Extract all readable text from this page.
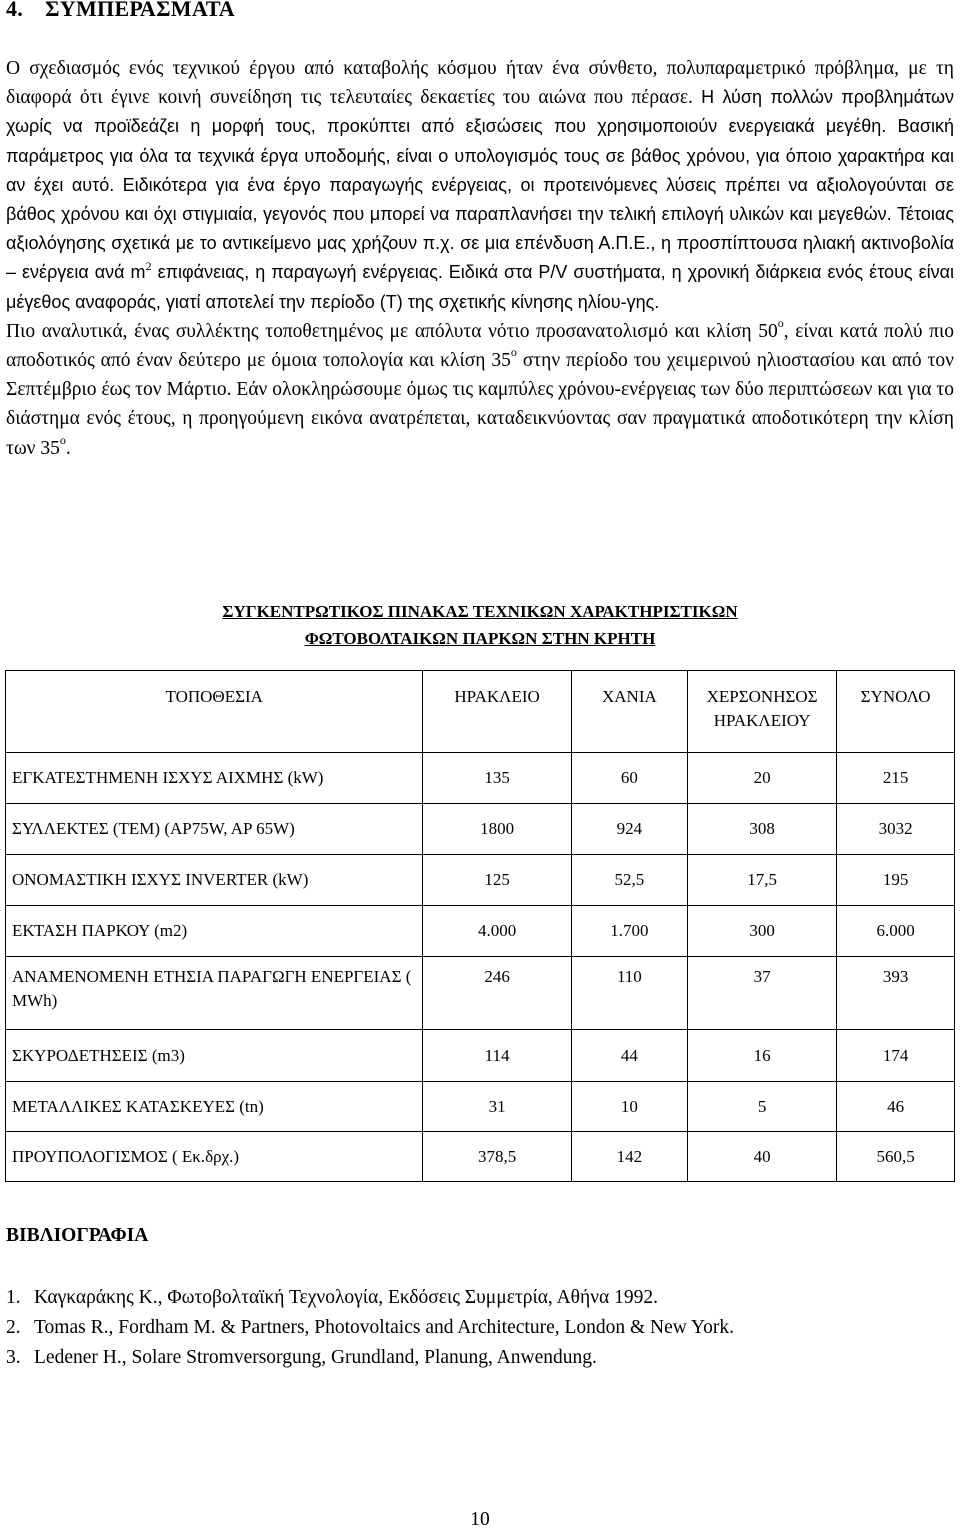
4. ΣΥΜΠΕΡΑΣΜΑΤΑ

Ο σχεδιασμός ενός τεχνικού έργου από καταβολής κόσμου ήταν ένα σύνθετο, πολυπαραμετρικό πρόβλημα, με τη διαφορά ότι έγινε κοινή συνείδηση τις τελευταίες δεκαετίες του αιώνα που πέρασε. Η λύση πολλών προβλημάτων χωρίς να προϊδεάζει η μορφή τους, προκύπτει από εξισώσεις που χρησιμοποιούν ενεργειακά μεγέθη. Βασική παράμετρος για όλα τα τεχνικά έργα υποδομής, είναι ο υπολογισμός τους σε βάθος χρόνου, για όποιο χαρακτήρα και αν έχει αυτό. Ειδικότερα για ένα έργο παραγωγής ενέργειας, οι προτεινόμενες λύσεις πρέπει να αξιολογούνται σε βάθος χρόνου και όχι στιγμιαία, γεγονός που μπορεί να παραπλανήσει την τελική επιλογή υλικών και μεγεθών. Τέτοιας αξιολόγησης σχετικά με το αντικείμενο μας χρήζουν π.χ. σε μια επένδυση Α.Π.Ε., η προσπίπτουσα ηλιακή ακτινοβολία – ενέργεια ανά $m^2$ επιφάνειας, η παραγωγή ενέργειας. Ειδικά στα Ρ/V συστήματα, η χρονική διάρκεια ενός έτους είναι μέγεθος αναφοράς, γιατί αποτελεί την περίοδο (Τ) της σχετικής κίνησης ηλίου-γης.

Πιο αναλυτικά, ένας συλλέκτης τοποθετημένος με απόλυτα νότιο προσανατολισμό και κλίση $50^o$, είναι κατά πολύ πιο αποδοτικός από έναν δεύτερο με όμοια τοπολογία και κλίση $35^o$ στην περίοδο του χειμερινού ηλιοστασίου και από τον Σεπτέμβριο έως τον Μάρτιο. Εάν ολοκληρώσουμε όμως τις καμπύλες χρόνου-ενέργειας των δύο περιπτώσεων και για το διάστημα ενός έτους, η προηγούμενη εικόνα ανατρέπεται, καταδεικνύοντας σαν πραγματικά αποδοτικότερη την κλίση των $35^o$.

ΣΥΓΚΕΝΤΡΩΤΙΚΟΣ ΠΙΝΑΚΑΣ ΤΕΧΝΙΚΩΝ ΧΑΡΑΚΤΗΡΙΣΤΙΚΩΝ
ΦΩΤΟΒΟΛΤΑΙΚΩΝ ΠΑΡΚΩΝ ΣΤΗΝ ΚΡΗΤΗ
ΤΟΠΟΘΕΣΙΑ	ΗΡΑΚΛΕΙΟ	ΧΑΝΙΑ	ΧΕΡΣΟΝΗΣΟΣ ΗΡΑΚΛΕΙΟΥ	ΣΥΝΟΛΟ
ΕΓΚΑΤΕΣΤΗΜΕΝΗ ΙΣΧΥΣ ΑΙΧΜΗΣ (kW)	135	60	20	215
ΣΥΛΛΕΚΤΕΣ (TEM) (AP75W, AP 65W)	1800	924	308	3032
ΟΝΟΜΑΣΤΙΚΗ ΙΣΧΥΣ INVERTER (kW)	125	52,5	17,5	195
ΕΚΤΑΣΗ ΠΑΡΚΟΥ (m2)	4.000	1.700	300	6.000
ΑΝΑΜΕΝΟΜΕΝΗ ΕΤΗΣΙΑ ΠΑΡΑΓΩΓΗ ΕΝΕΡΓΕΙΑΣ ( MWh)	246	110	37	393
ΣΚΥΡΟΔΕΤΗΣΕΙΣ (m3)	114	44	16	174
ΜΕΤΑΛΛΙΚΕΣ ΚΑΤΑΣΚΕΥΕΣ (tn)	31	10	5	46
ΠΡΟΥΠΟΛΟΓΙΣΜΟΣ ( Εκ.δρχ.)	378,5	142	40	560,5
ΒΙΒΛΙΟΓΡΑΦΙΑ
1. Καγκαράκης Κ., Φωτοβολταϊκή Τεχνολογία, Εκδόσεις Συμμετρία, Αθήνα 1992.
2. Tomas R., Fordham M. & Partners, Photovoltaics and Architecture, London & New York.
3. Ledener H., Solare Stromversorgung, Grundland, Planung, Anwendung.
10
